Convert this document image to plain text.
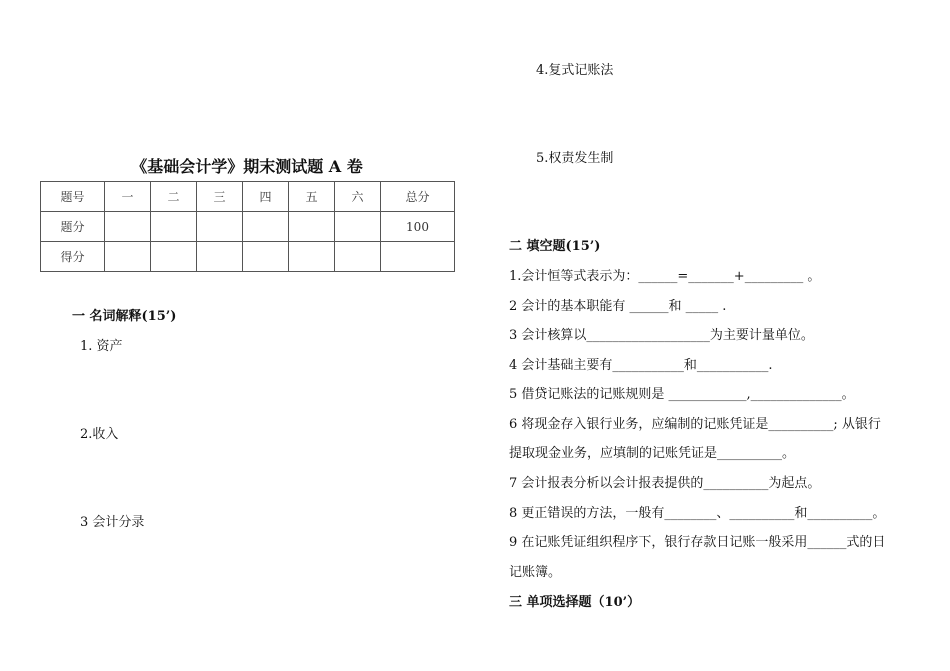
《基础会计学》期末测试题 A 卷
题号	一	二	三	四	五	六	总分
题分							100
得分							
一 名词解释(15’)
1. 资产
2.收入
3 会计分录
4.复式记账法
5.权责发生制
二 填空题(15’)
1.会计恒等式表示为：______=_______+_________ 。
2 会计的基本职能有 ______和 _____ .
3 会计核算以___________________为主要计量单位。
4 会计基础主要有___________和___________.
5 借贷记账法的记账规则是 ____________,______________。
6 将现金存入银行业务，应编制的记账凭证是__________; 从银行
提取现金业务，应填制的记账凭证是__________。
7 会计报表分析以会计报表提供的__________为起点。
8 更正错误的方法，一般有________、__________和__________。
9 在记账凭证组织程序下，银行存款日记账一般采用______式的日
记账簿。
三 单项选择题（10’）
